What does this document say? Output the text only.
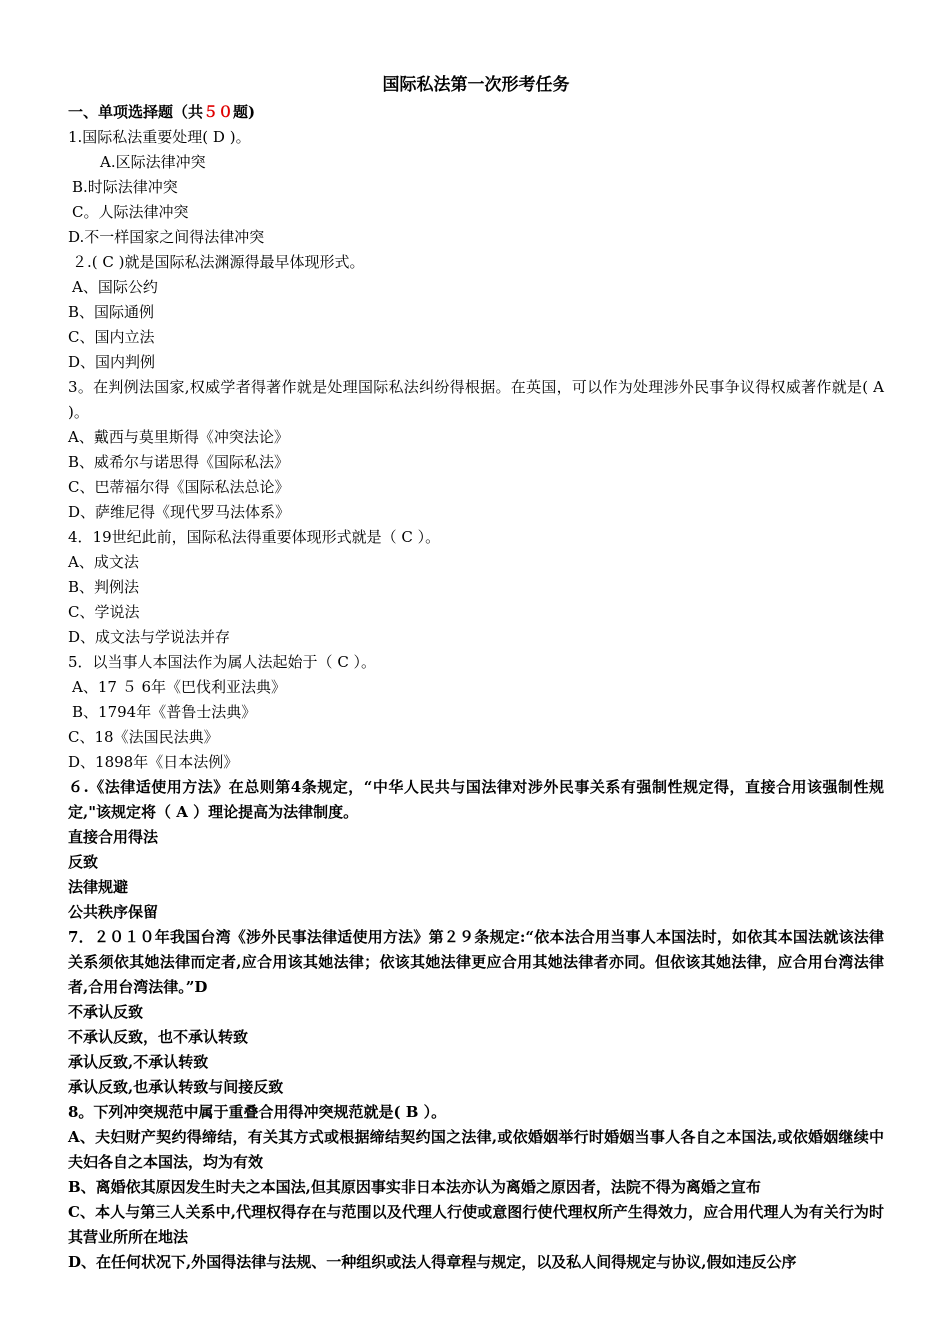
国际私法第一次形考任务
一、单项选择题（共５０题)
1.国际私法重要处理( D )。
A.区际法律冲突
B.时际法律冲突
C。人际法律冲突
D.不一样国家之间得法律冲突
２.( C )就是国际私法渊源得最早体现形式。
A、国际公约
B、国际通例
C、国内立法
D、国内判例
3。在判例法国家,权威学者得著作就是处理国际私法纠纷得根据。在英国，可以作为处理涉外民事争议得权威著作就是( A )。
A、戴西与莫里斯得《冲突法论》
B、威希尔与诺思得《国际私法》
C、巴蒂福尔得《国际私法总论》
D、萨维尼得《现代罗马法体系》
4．19世纪此前，国际私法得重要体现形式就是（ C ）。
A、成文法
B、判例法
C、学说法
D、成文法与学说法并存
5．以当事人本国法作为属人法起始于（ C ）。
A、17 ５ 6年《巴伐利亚法典》
B、1794年《普鲁士法典》
C、18《法国民法典》
D、1898年《日本法例》
６.《法律适使用方法》在总则第4条规定，“中华人民共与国法律对涉外民事关系有强制性规定得，直接合用该强制性规定,"该规定将（ A ）理论提高为法律制度。
直接合用得法
反致
法律规避
公共秩序保留
7．２０１０年我国台湾《涉外民事法律适使用方法》第２９条规定:“依本法合用当事人本国法时，如依其本国法就该法律关系须依其她法律而定者,应合用该其她法律；依该其她法律更应合用其她法律者亦同。但依该其她法律，应合用台湾法律者,合用台湾法律。”D
不承认反致
不承认反致，也不承认转致
承认反致,不承认转致
承认反致,也承认转致与间接反致
8。下列冲突规范中属于重叠合用得冲突规范就是( B ）。
A、夫妇财产契约得缔结，有关其方式或根据缔结契约国之法律,或依婚姻举行时婚姻当事人各自之本国法,或依婚姻继续中夫妇各自之本国法，均为有效
B、离婚依其原因发生时夫之本国法,但其原因事实非日本法亦认为离婚之原因者，法院不得为离婚之宣布
C、本人与第三人关系中,代理权得存在与范围以及代理人行使或意图行使代理权所产生得效力，应合用代理人为有关行为时其营业所所在地法
D、在任何状况下,外国得法律与法规、一种组织或法人得章程与规定，以及私人间得规定与协议,假如违反公序
